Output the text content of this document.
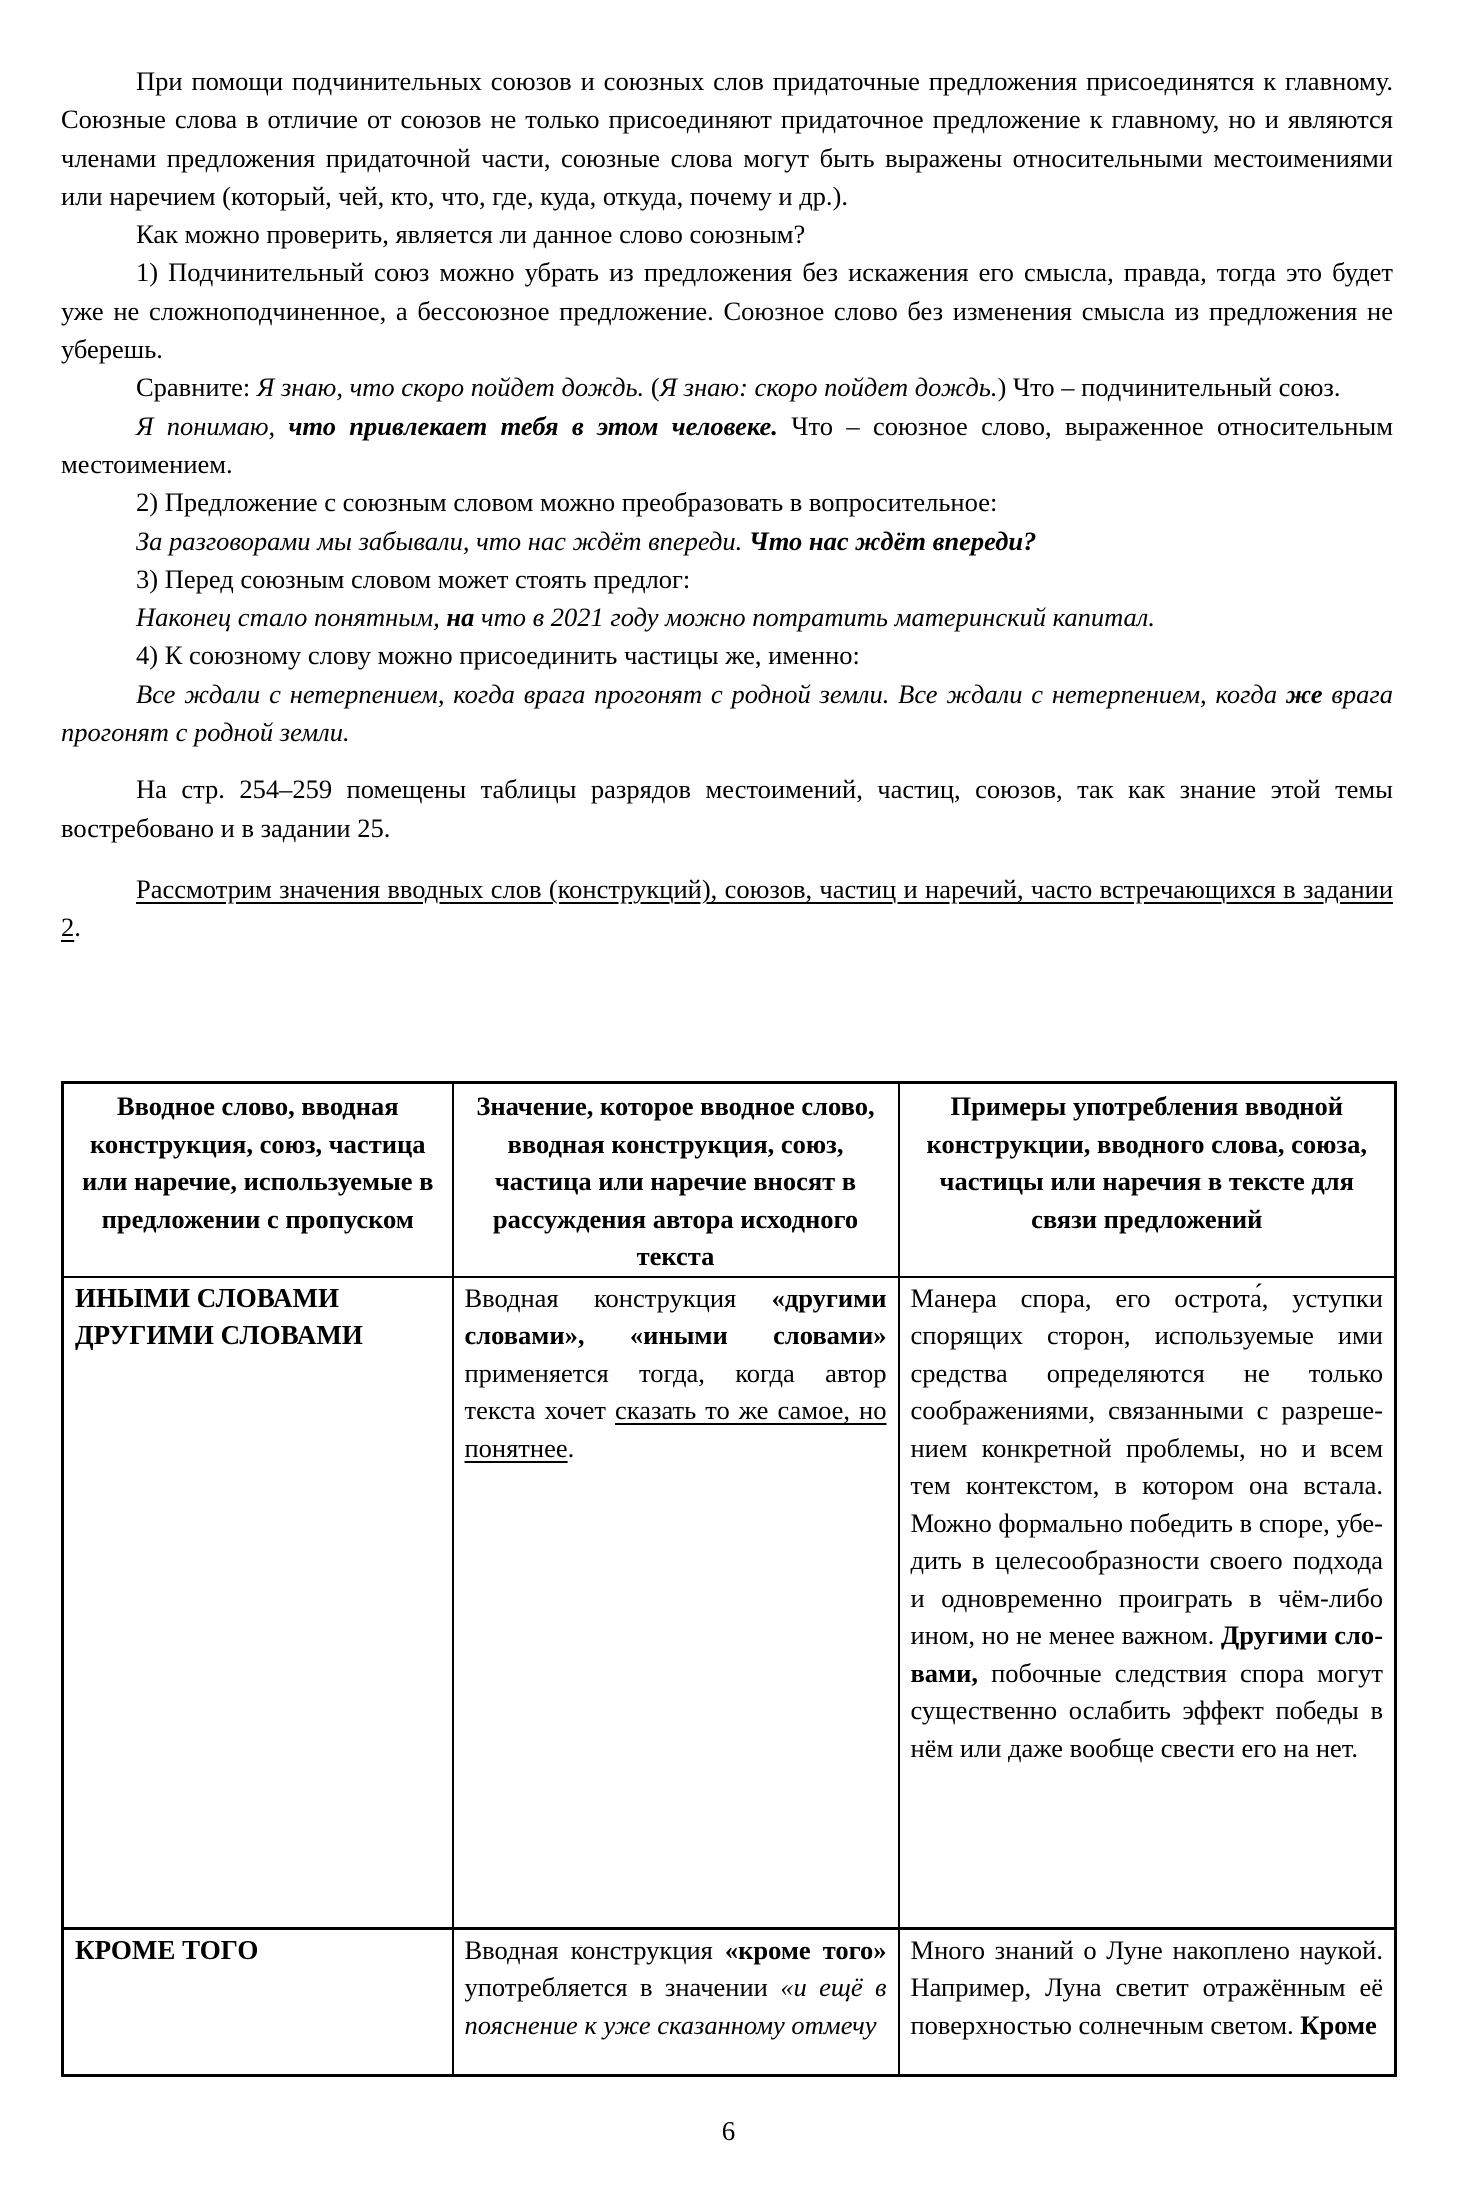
При помощи подчинительных союзов и союзных слов придаточные предложения присоединятся к главному. Союзные слова в отличие от союзов не только присоединяют придаточное предложение к главному, но и являются членами предложения придаточной части, союзные слова могут быть выражены относительными местоимениями или наречием (который, чей, кто, что, где, куда, откуда, почему и др.).

Как можно проверить, является ли данное слово союзным?

1) Подчинительный союз можно убрать из предложения без искажения его смысла, правда, тогда это будет уже не сложноподчиненное, а бессоюзное предложение. Союзное слово без изменения смысла из предложения не уберешь.

Сравните: Я знаю, что скоро пойдет дождь. (Я знаю: скоро пойдет дождь.) Что – подчинительный союз.

Я понимаю, что привлекает тебя в этом человеке. Что – союзное слово, выраженное относительным местоимением.

2) Предложение с союзным словом можно преобразовать в вопросительное:

За разговорами мы забывали, что нас ждёт впереди. Что нас ждёт впереди?

3) Перед союзным словом может стоять предлог:

Наконец стало понятным, на что в 2021 году можно потратить материнский капитал.

4) К союзному слову можно присоединить частицы же, именно:

Все ждали с нетерпением, когда врага прогонят с родной земли. Все ждали с нетерпением, когда же врага прогонят с родной земли.

На стр. 254–259 помещены таблицы разрядов местоимений, частиц, союзов, так как знание этой темы востребовано и в задании 25.

Рассмотрим значения вводных слов (конструкций), союзов, частиц и наречий, часто встречающихся в задании 2.

Вводное слово, вводная конструкция, союз, частица или наречие, используемые в предложении с пропуском	Значение, которое вводное слово, вводная конструкция, союз, частица или наречие вносят в рассуждения автора исходного текста	Примеры употребления вводной конструкции, вводного слова, союза, частицы или наречия в тексте для связи предложений

ИНЫМИ СЛОВАМИ
ДРУГИМИ СЛОВАМИ	Вводная конструкция «другими словами», «иными словами» применяется тогда, когда автор текста хочет сказать то же самое, но понятнее.	Манера спора, его острота́, уступки спорящих сторон, используемые ими средства определяются не только соображениями, связанными с разрешением конкретной проблемы, но и всем тем контекстом, в котором она встала. Можно формально победить в споре, убедить в целесообразности своего подхода и одновременно проиграть в чём-либо ином, но не менее важном. Другими словами, побочные следствия спора могут существенно ослабить эффект победы в нём или даже вообще свести его на нет.

КРОМЕ ТОГО	Вводная конструкция «кроме того» употребляется в значении «и ещё в пояснение к уже сказанному отмечу	Много знаний о Луне накоплено наукой. Например, Луна светит отражённым её поверхностью солнечным светом. Кроме
6
